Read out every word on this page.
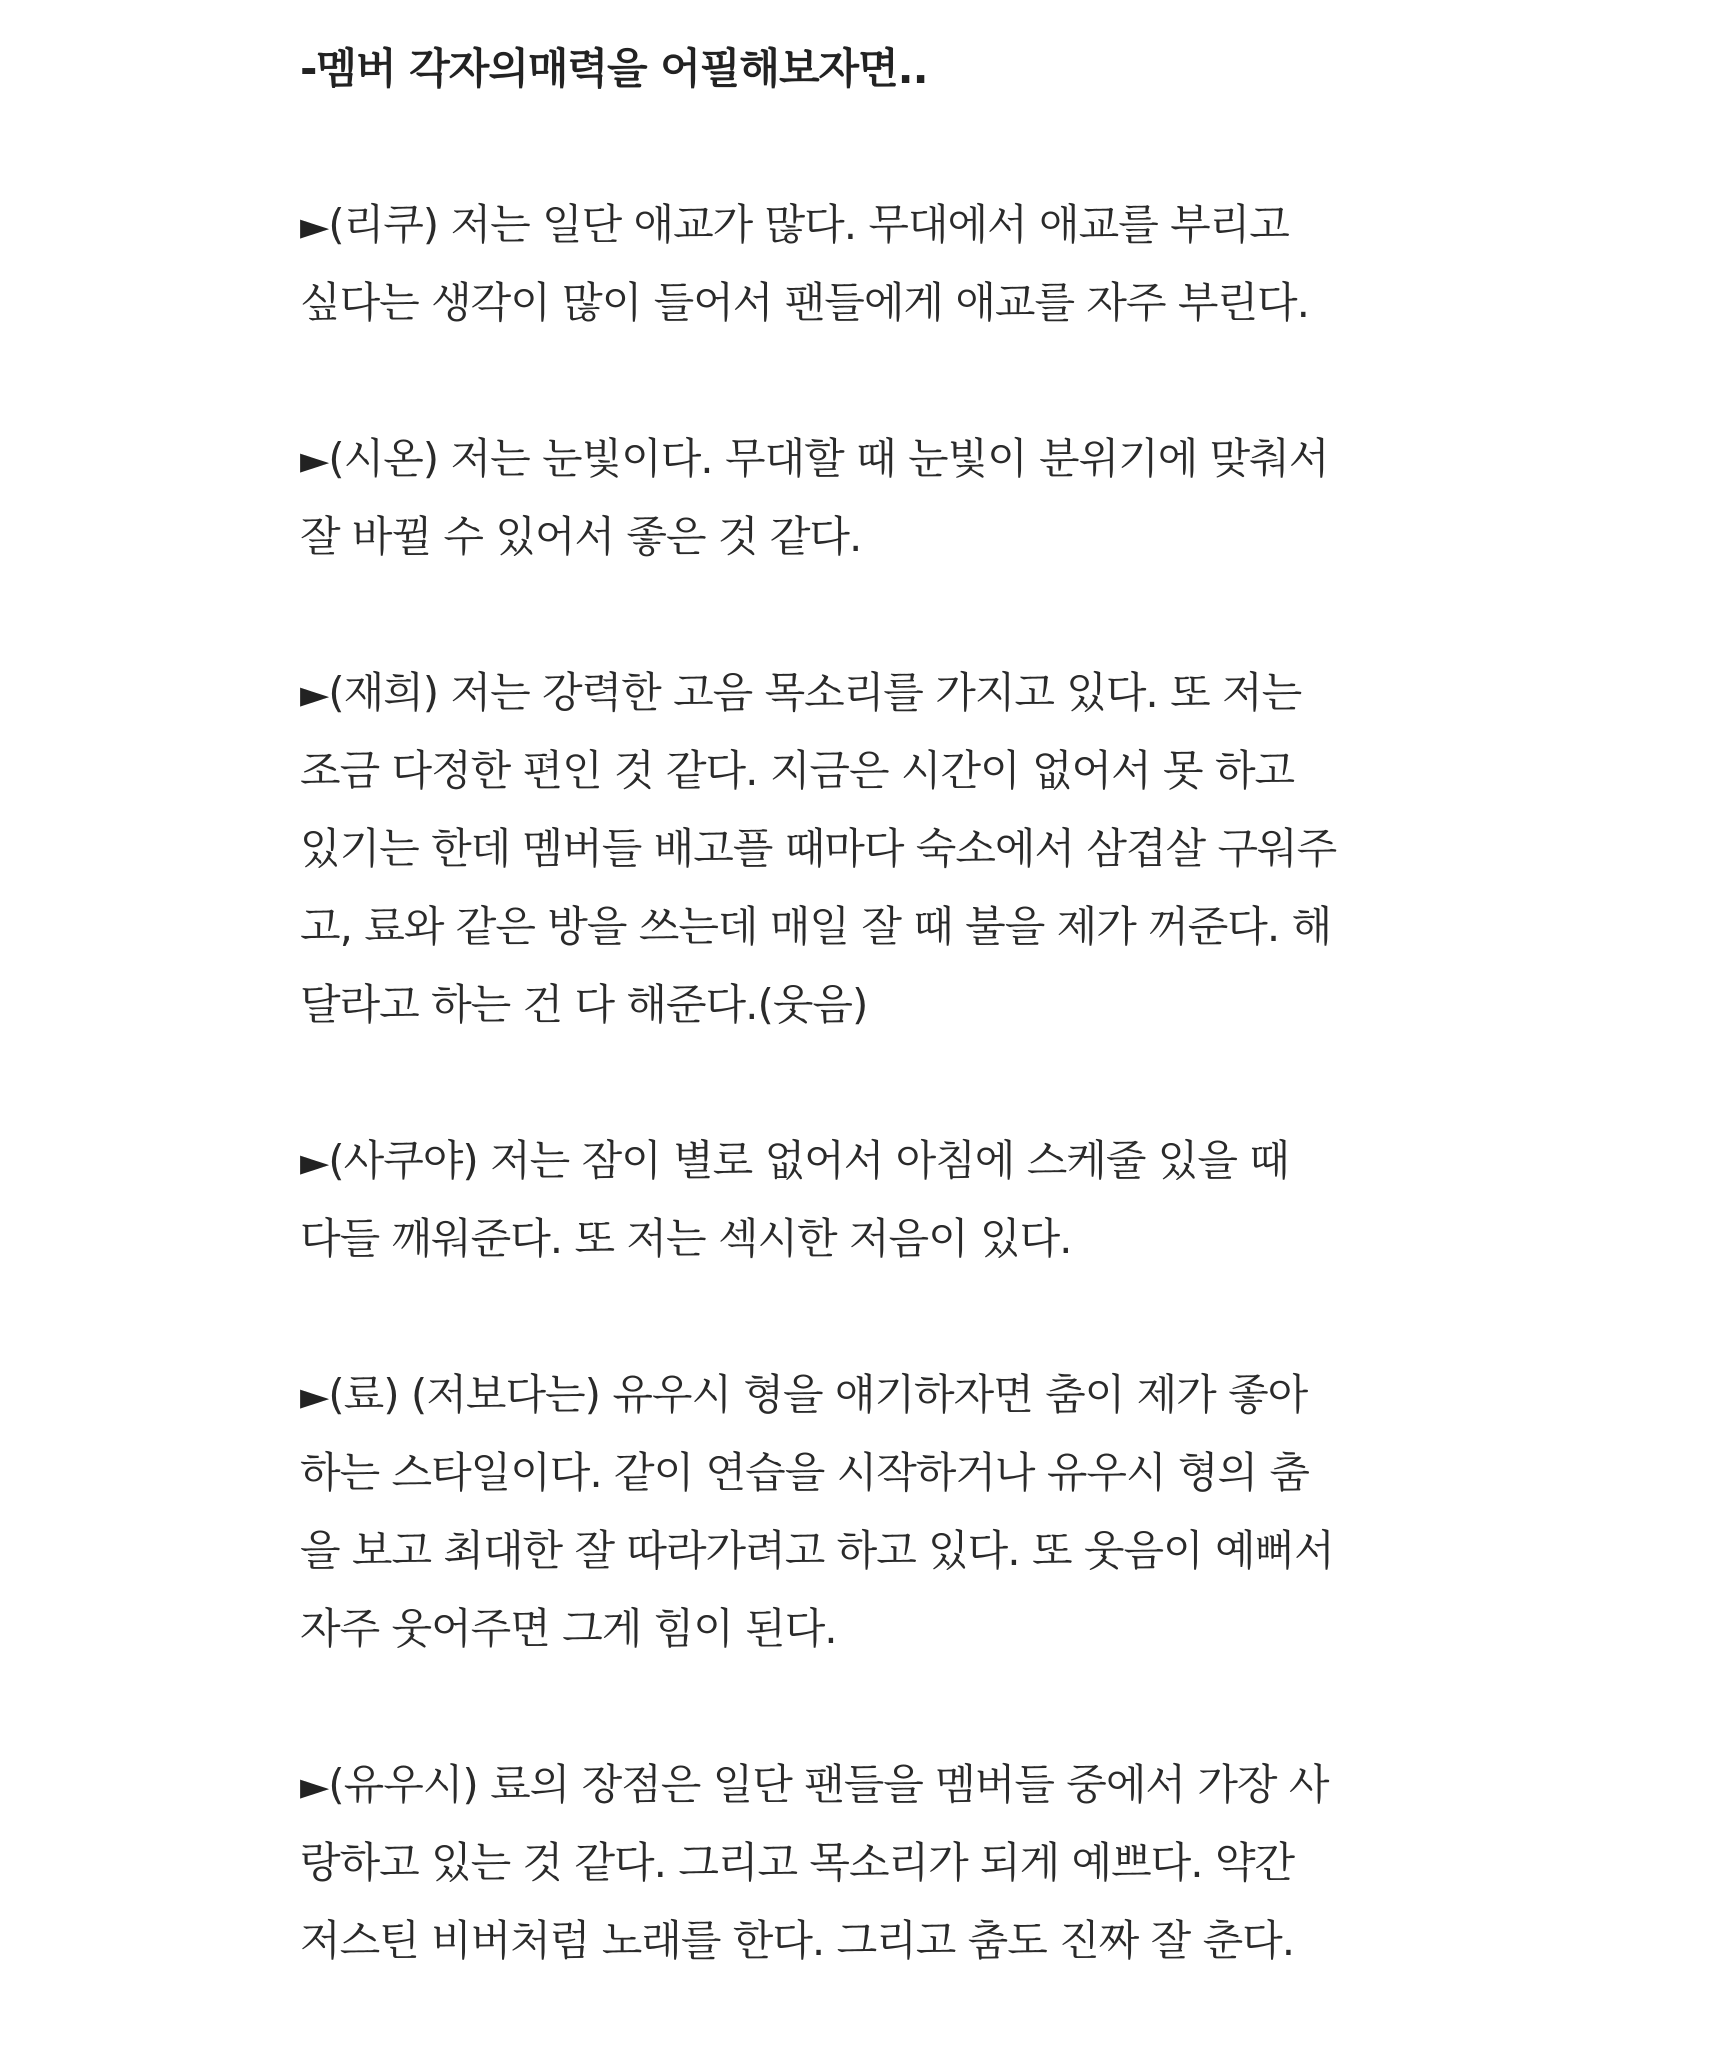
-멤버 각자의매력을 어필해보자면..
►(리쿠) 저는 일단 애교가 많다. 무대에서 애교를 부리고
싶다는 생각이 많이 들어서 팬들에게 애교를 자주 부린다.
►(시온) 저는 눈빛이다. 무대할 때 눈빛이 분위기에 맞춰서
잘 바뀔 수 있어서 좋은 것 같다.
►(재희) 저는 강력한 고음 목소리를 가지고 있다. 또 저는
조금 다정한 편인 것 같다. 지금은 시간이 없어서 못 하고
있기는 한데 멤버들 배고플 때마다 숙소에서 삼겹살 구워주
고, 료와 같은 방을 쓰는데 매일 잘 때 불을 제가 꺼준다. 해
달라고 하는 건 다 해준다.(웃음)
►(사쿠야) 저는 잠이 별로 없어서 아침에 스케줄 있을 때
다들 깨워준다. 또 저는 섹시한 저음이 있다.
►(료) (저보다는) 유우시 형을 얘기하자면 춤이 제가 좋아
하는 스타일이다. 같이 연습을 시작하거나 유우시 형의 춤
을 보고 최대한 잘 따라가려고 하고 있다. 또 웃음이 예뻐서
자주 웃어주면 그게 힘이 된다.
►(유우시) 료의 장점은 일단 팬들을 멤버들 중에서 가장 사
랑하고 있는 것 같다. 그리고 목소리가 되게 예쁘다. 약간
저스틴 비버처럼 노래를 한다. 그리고 춤도 진짜 잘 춘다.
